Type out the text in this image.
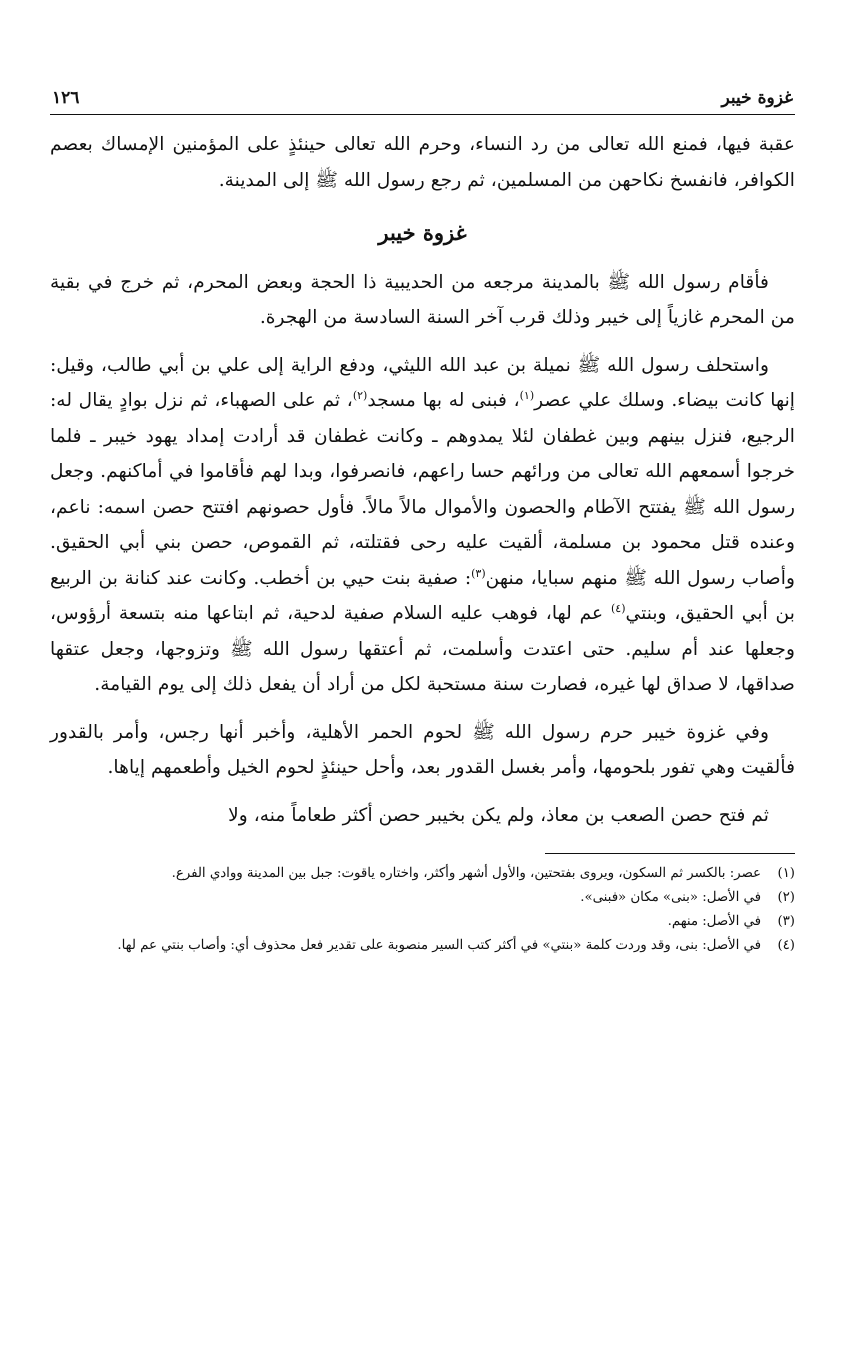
غزوة خيبر
١٢٦

عقبة فيها، فمنع الله تعالى من رد النساء، وحرم الله تعالى حينئذٍ على المؤمنين الإمساك بعصم الكوافر، فانفسخ نكاحهن من المسلمين، ثم رجع رسول الله ﷺ إلى المدينة.

غزوة خيبر

فأقام رسول الله ﷺ بالمدينة مرجعه من الحديبية ذا الحجة وبعض المحرم، ثم خرج في بقية من المحرم غازياً إلى خيبر وذلك قرب آخر السنة السادسة من الهجرة.

واستحلف رسول الله ﷺ نميلة بن عبد الله الليثي، ودفع الراية إلى علي بن أبي طالب، وقيل: إنها كانت بيضاء. وسلك علي عصر$^{(١)}$، فبنى له بها مسجد$^{(٢)}$، ثم على الصهباء، ثم نزل بوادٍ يقال له: الرجيع، فنزل بينهم وبين غطفان لئلا يمدوهم ـ وكانت غطفان قد أرادت إمداد يهود خيبر ـ فلما خرجوا أسمعهم الله تعالى من ورائهم حسا راعهم، فانصرفوا، وبدا لهم فأقاموا في أماكنهم. وجعل رسول الله ﷺ يفتتح الآطام والحصون والأموال مالاً مالاً. فأول حصونهم افتتح حصن اسمه: ناعم، وعنده قتل محمود بن مسلمة، ألقيت عليه رحى فقتلته، ثم القموص، حصن بني أبي الحقيق. وأصاب رسول الله ﷺ منهم سبايا، منهن$^{(٣)}$: صفية بنت حيي بن أخطب. وكانت عند كنانة بن الربيع بن أبي الحقيق، وبنتي$^{(٤)}$ عم لها، فوهب عليه السلام صفية لدحية، ثم ابتاعها منه بتسعة أرؤوس، وجعلها عند أم سليم. حتى اعتدت وأسلمت، ثم أعتقها رسول الله ﷺ وتزوجها، وجعل عتقها صداقها، لا صداق لها غيره، فصارت سنة مستحبة لكل من أراد أن يفعل ذلك إلى يوم القيامة.

وفي غزوة خيبر حرم رسول الله ﷺ لحوم الحمر الأهلية، وأخبر أنها رجس، وأمر بالقدور فألقيت وهي تفور بلحومها، وأمر بغسل القدور بعد، وأحل حينئذٍ لحوم الخيل وأطعمهم إياها.

ثم فتح حصن الصعب بن معاذ، ولم يكن بخيبر حصن أكثر طعاماً منه، ولا

(١)
عصر: بالكسر ثم السكون، ويروى بفتحتين، والأول أشهر وأكثر، واختاره ياقوت: جبل بين المدينة ووادي الفرع.
(٢)
في الأصل: «بنى» مكان «فبنى».
(٣)
في الأصل: منهم.
(٤)
في الأصل: بنى، وقد وردت كلمة «بنتي» في أكثر كتب السير منصوبة على تقدير فعل محذوف أي: وأصاب بنتي عم لها.
